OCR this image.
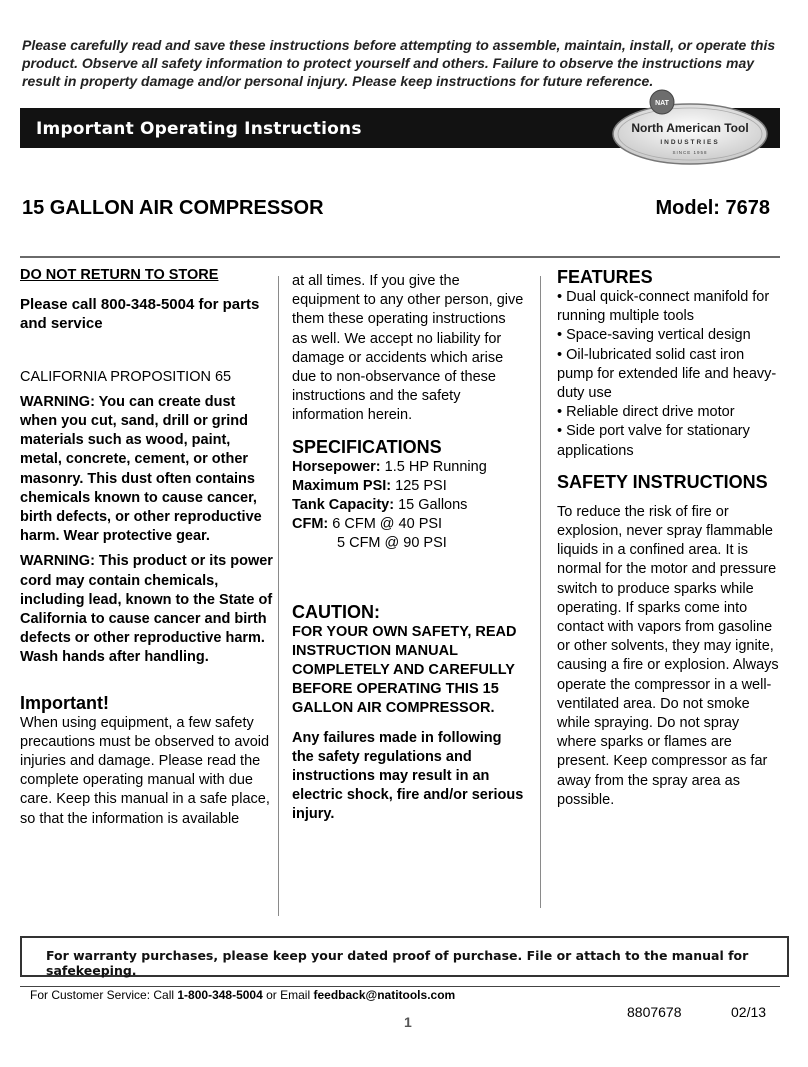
Please carefully read and save these instructions before attempting to assemble, maintain, install, or operate this product. Observe all safety information to protect yourself and others. Failure to observe the instructions may result in property damage and/or personal injury. Please keep instructions for future reference.
Important Operating Instructions
NAT
North American Tool
INDUSTRIES
SINCE 1958
15 GALLON AIR COMPRESSOR	Model: 7678
DO NOT RETURN TO STORE
Please call 800-348-5004 for parts and service
CALIFORNIA PROPOSITION 65
WARNING: You can create dust when you cut, sand, drill or grind materials such as wood, paint, metal, concrete, cement, or other masonry. This dust often contains chemicals known to cause cancer, birth defects, or other reproductive harm. Wear protective gear.
WARNING: This product or its power cord may contain chemicals, including lead, known to the State of California to cause cancer and birth defects or other reproductive harm. Wash hands after handling.
Important!
When using equipment, a few safety precautions must be observed to avoid injuries and damage. Please read the complete operating manual with due care. Keep this manual in a safe place, so that the information is available
at all times. If you give the equipment to any other person, give them these operating instructions as well. We accept no liability for damage or accidents which arise due to non-observance of these instructions and the safety information herein.
SPECIFICATIONS
Horsepower: 1.5 HP Running
Maximum PSI: 125 PSI
Tank Capacity: 15 Gallons
CFM: 6 CFM @ 40 PSI
5 CFM @ 90 PSI
CAUTION:
FOR YOUR OWN SAFETY, READ INSTRUCTION MANUAL COMPLETELY AND CAREFULLY BEFORE OPERATING THIS 15 GALLON AIR COMPRESSOR.
Any failures made in following the safety regulations and instructions may result in an electric shock, fire and/or serious injury.
FEATURES
• Dual quick-connect manifold for running multiple tools
• Space-saving vertical design
• Oil-lubricated solid cast iron pump for extended life and heavy-duty use
• Reliable direct drive motor
• Side port valve for stationary applications
SAFETY INSTRUCTIONS
To reduce the risk of fire or explosion, never spray flammable liquids in a confined area. It is normal for the motor and pressure switch to produce sparks while operating. If sparks come into contact with vapors from gasoline or other solvents, they may ignite, causing a fire or explosion. Always operate the compressor in a well-ventilated area. Do not smoke while spraying. Do not spray where sparks or flames are present. Keep compressor as far away from the spray area as possible.
For warranty purchases, please keep your dated proof of purchase. File or attach to the manual for safekeeping.
For Customer Service: Call 1-800-348-5004 or Email feedback@natitools.com
1
8807678	02/13
